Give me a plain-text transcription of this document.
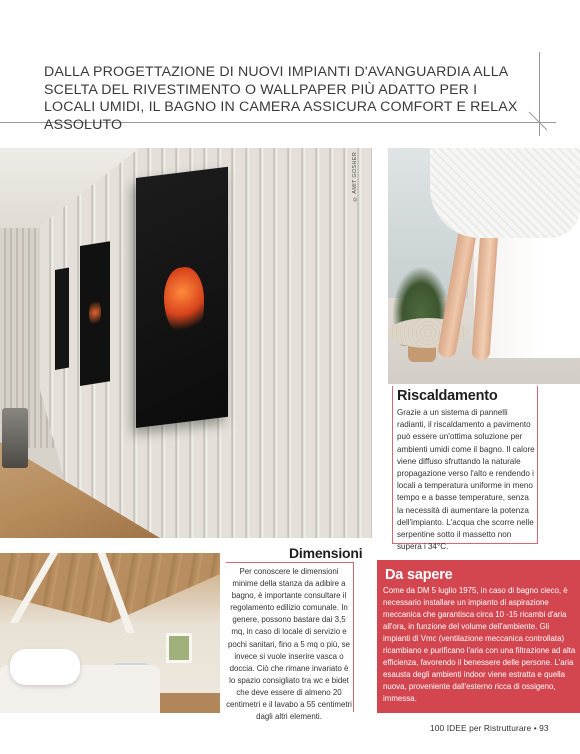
DALLA PROGETTAZIONE DI NUOVI IMPIANTI D'AVANGUARDIA ALLA SCELTA DEL RIVESTIMENTO O WALLPAPER PIÙ ADATTO PER I LOCALI UMIDI, IL BAGNO IN CAMERA ASSICURA COMFORT E RELAX ASSOLUTO

© AMIT GOSHER
Riscaldamento

Grazie a un sistema di pannelli radianti, il riscaldamento a pavimento può essere un'ottima soluzione per ambienti umidi come il bagno. Il calore viene diffuso sfruttando la naturale propagazione verso l'alto e rendendo i locali a temperatura uniforme in meno tempo e a basse temperature, senza la necessità di aumentare la potenza dell'impianto. L'acqua che scorre nelle serpentine sotto il massetto non supera i 34°C.

Dimensioni

Per conoscere le dimensioni minime della stanza da adibire a bagno, è importante consultare il regolamento edilizio comunale. In genere, possono bastare dai 3,5 mq, in caso di locale di servizio e pochi sanitari, fino a 5 mq o più, se invece si vuole inserire vasca o doccia. Ciò che rimane invariato è lo spazio consigliato tra wc e bidet che deve essere di almeno 20 centimetri e il lavabo a 55 centimetri dagli altri elementi.

Da sapere

Come da DM 5 luglio 1975, in caso di bagno cieco, è necessario installare un impianto di aspirazione meccanica che garantisca circa 10 -15 ricambi d'aria all'ora, in funzione del volume dell'ambiente. Gli impianti di Vmc (ventilazione meccanica controllata) ricambiano e purificano l'aria con una filtrazione ad alta efficienza, favorendo il benessere delle persone. L'aria esausta degli ambienti indoor viene estratta e quella nuova, proveniente dall'esterno ricca di ossigeno, immessa.

100 IDEE per Ristrutturare • 93
